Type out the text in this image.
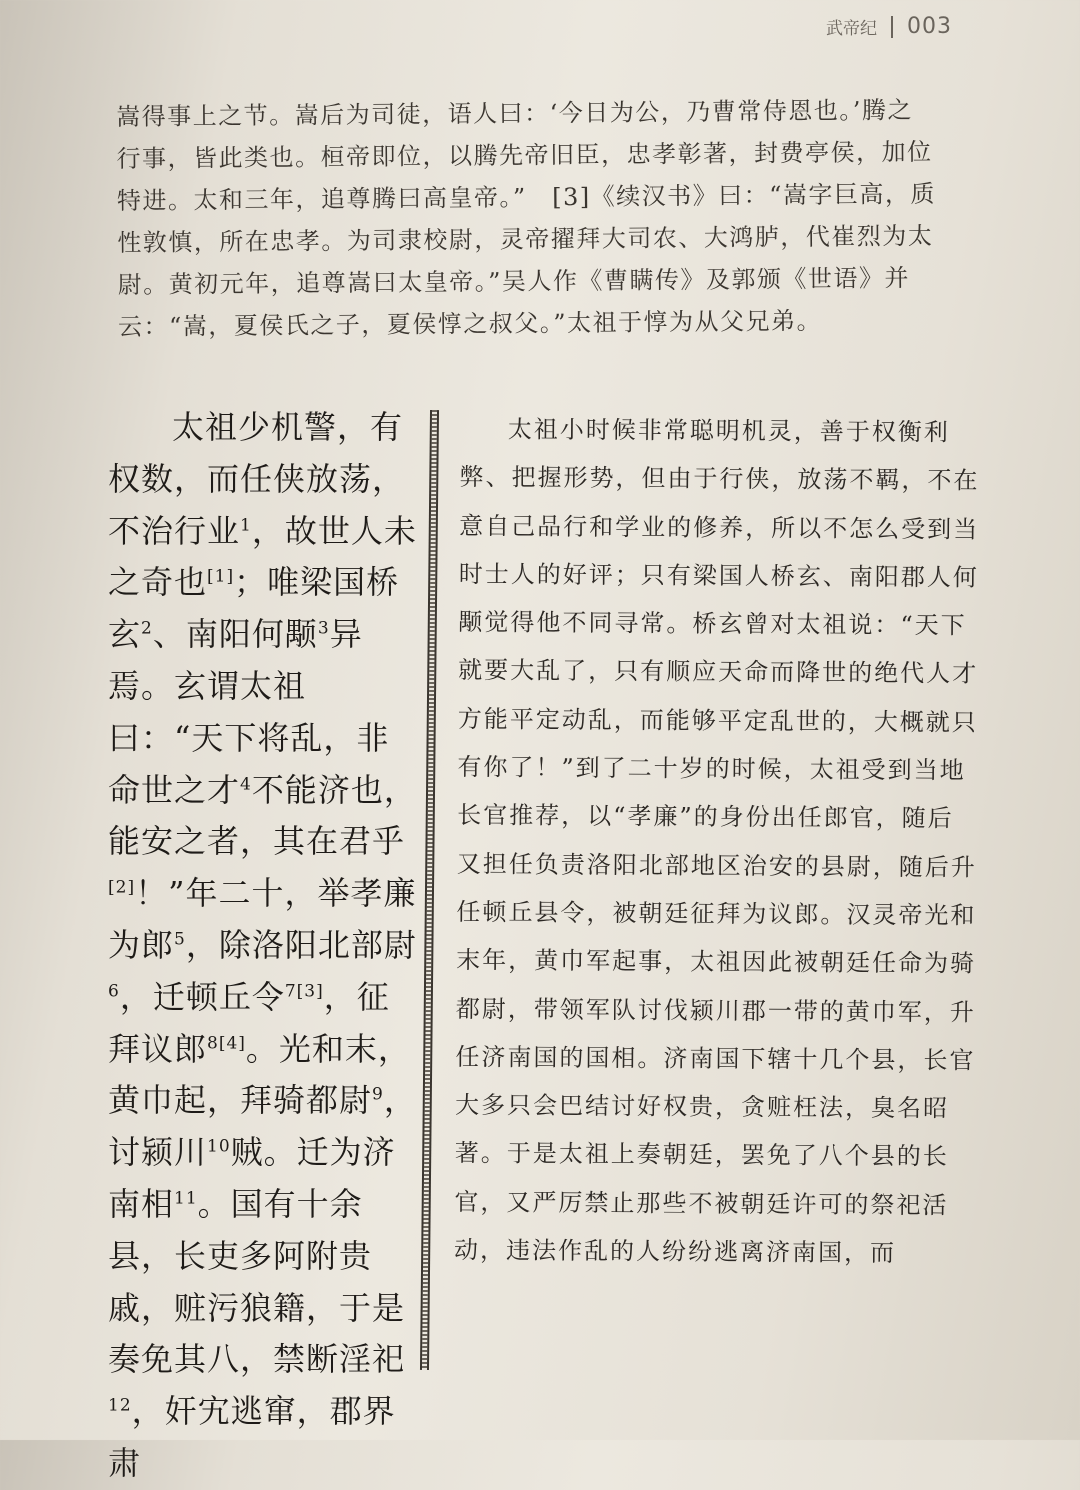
武帝纪 003

嵩得事上之节。嵩后为司徒，语人曰：‘今日为公，乃曹常侍恩也。’腾之行事，皆此类也。桓帝即位，以腾先帝旧臣，忠孝彰著，封费亭侯，加位特进。太和三年，追尊腾曰高皇帝。”　[3]《续汉书》曰：“嵩字巨高，质性敦慎，所在忠孝。为司隶校尉，灵帝擢拜大司农、大鸿胪，代崔烈为太尉。黄初元年，追尊嵩曰太皇帝。”吴人作《曹瞒传》及郭颁《世语》并云：“嵩，夏侯氏之子，夏侯惇之叔父。”太祖于惇为从父兄弟。

太祖少机警，有权数，而任侠放荡，不治行业$^1$，故世人未之奇也[1]；唯梁国桥玄$^2$、南阳何颙$^3$异焉。玄谓太祖曰：“天下将乱，非命世之才$^4$不能济也，能安之者，其在君乎[2]！”年二十，举孝廉为郎$^5$，除洛阳北部尉$^6$，迁顿丘令$^{7[3]}$，征拜议郎$^{8[4]}$。光和末，黄巾起，拜骑都尉$^9$，讨颍川$^{10}$贼。迁为济南相$^{11}$。国有十余县，长吏多阿附贵戚，赃污狼籍，于是奏免其八，禁断淫祀$^{12}$，奸宄逃窜，郡界肃

太祖小时候非常聪明机灵，善于权衡利弊、把握形势，但由于行侠，放荡不羁，不在意自己品行和学业的修养，所以不怎么受到当时士人的好评；只有梁国人桥玄、南阳郡人何颙觉得他不同寻常。桥玄曾对太祖说：“天下就要大乱了，只有顺应天命而降世的绝代人才方能平定动乱，而能够平定乱世的，大概就只有你了！”到了二十岁的时候，太祖受到当地长官推荐，以“孝廉”的身份出任郎官，随后又担任负责洛阳北部地区治安的县尉，随后升任顿丘县令，被朝廷征拜为议郎。汉灵帝光和末年，黄巾军起事，太祖因此被朝廷任命为骑都尉，带领军队讨伐颍川郡一带的黄巾军，升任济南国的国相。济南国下辖十几个县，长官大多只会巴结讨好权贵，贪赃枉法，臭名昭著。于是太祖上奏朝廷，罢免了八个县的长官，又严厉禁止那些不被朝廷许可的祭祀活动，违法作乱的人纷纷逃离济南国，而
